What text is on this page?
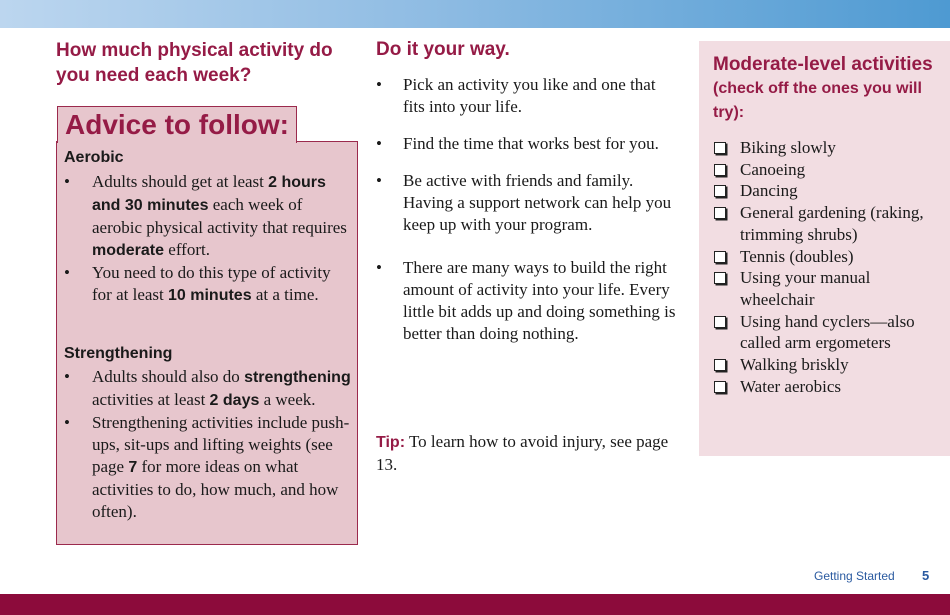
How much physical activity do you need each week?
Advice to follow:
Aerobic
• Adults should get at least 2 hours and 30 minutes each week of aerobic physical activity that requires moderate effort.
• You need to do this type of activity for at least 10 minutes at a time.
Strengthening
• Adults should also do strengthening activities at least 2 days a week.
• Strengthening activities include push-ups, sit-ups and lifting weights (see page 7 for more ideas on what activities to do, how much, and how often).
Do it your way.
• Pick an activity you like and one that fits into your life.
• Find the time that works best for you.
• Be active with friends and family. Having a support network can help you keep up with your program.
• There are many ways to build the right amount of activity into your life. Every little bit adds up and doing something is better than doing nothing.
Tip: To learn how to avoid injury, see page 13.
Moderate-level activities
(check off the ones you will try):
Biking slowly
Canoeing
Dancing
General gardening (raking, trimming shrubs)
Tennis (doubles)
Using your manual wheelchair
Using hand cyclers—also called arm ergometers
Walking briskly
Water aerobics
Getting Started 5
